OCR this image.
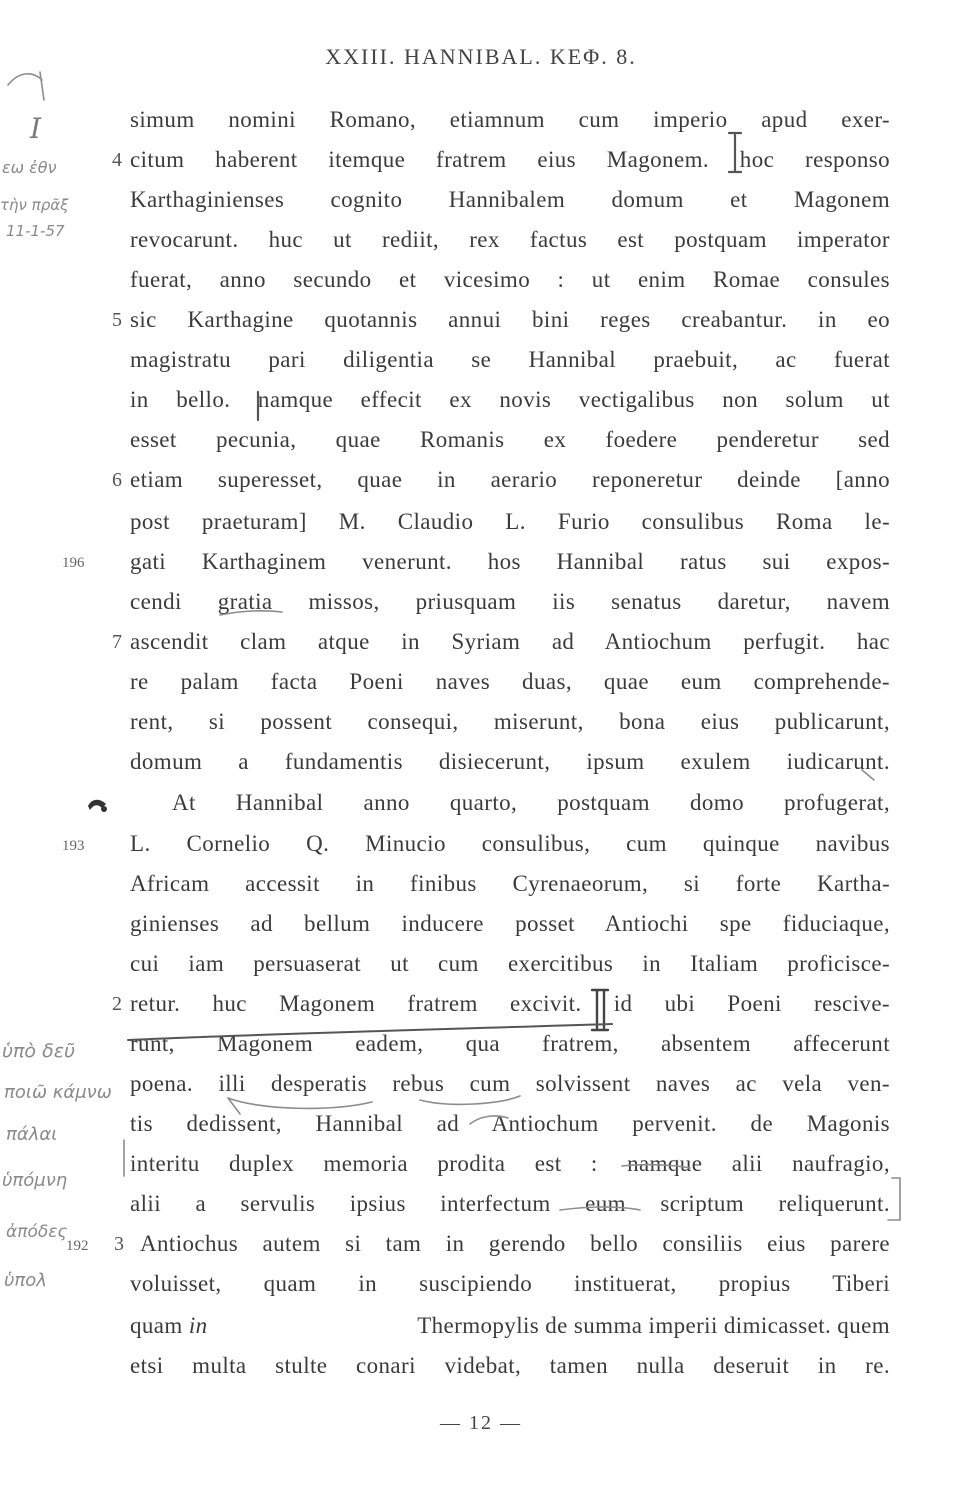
XXIII. HANNIBAL. ΚΕΦ. 8.
simum nomini Romano, etiamnum cum imperio apud exer-
citum haberent itemque fratrem eius Magonem. hoc responso
Karthaginienses cognito Hannibalem domum et Magonem
revocarunt. huc ut rediit, rex factus est postquam imperator
fuerat, anno secundo et vicesimo : ut enim Romae consules
sic Karthagine quotannis annui bini reges creabantur. in eo
magistratu pari diligentia se Hannibal praebuit, ac fuerat
in bello. namque effecit ex novis vectigalibus non solum ut
esset pecunia, quae Romanis ex foedere penderetur sed
etiam superesset, quae in aerario reponeretur deinde [anno
post praeturam] M. Claudio L. Furio consulibus Roma le-
gati Karthaginem venerunt. hos Hannibal ratus sui expos-
cendi gratia missos, priusquam iis senatus daretur, navem
ascendit clam atque in Syriam ad Antiochum perfugit. hac
re palam facta Poeni naves duas, quae eum comprehende-
rent, si possent consequi, miserunt, bona eius publicarunt,
domum a fundamentis disiecerunt, ipsum exulem iudicarunt.
At Hannibal anno quarto, postquam domo profugerat,
L. Cornelio Q. Minucio consulibus, cum quinque navibus
Africam accessit in finibus Cyrenaeorum, si forte Kartha-
ginienses ad bellum inducere posset Antiochi spe fiduciaque,
cui iam persuaserat ut cum exercitibus in Italiam proficisce-
retur. huc Magonem fratrem excivit. id ubi Poeni rescive-
runt, Magonem eadem, qua fratrem, absentem affecerunt
poena. illi desperatis rebus cum solvissent naves ac vela ven-
tis dedissent, Hannibal ad Antiochum pervenit. de Magonis
interitu duplex memoria prodita est : namque alii naufragio,
alii a servulis ipsius interfectum eum scriptum reliquerunt.
Antiochus autem si tam in gerendo bello consiliis eius parere
voluisset, quam in suscipiendo instituerat, propius Tiberi
quam in	Thermopylis de summa imperii dimicasset. quem
etsi multa stulte conari videbat, tamen nulla deseruit in re.
4
5
6
7
2
3
196
193
192
I
εω ἐθν
τὴν πρᾶξ
11-1-57
ὑπὸ δεῦ
ποιῶ κάμνω
πάλαι
ὑπόμνη
ἀπόδες
ὑπολ
— 12 —
